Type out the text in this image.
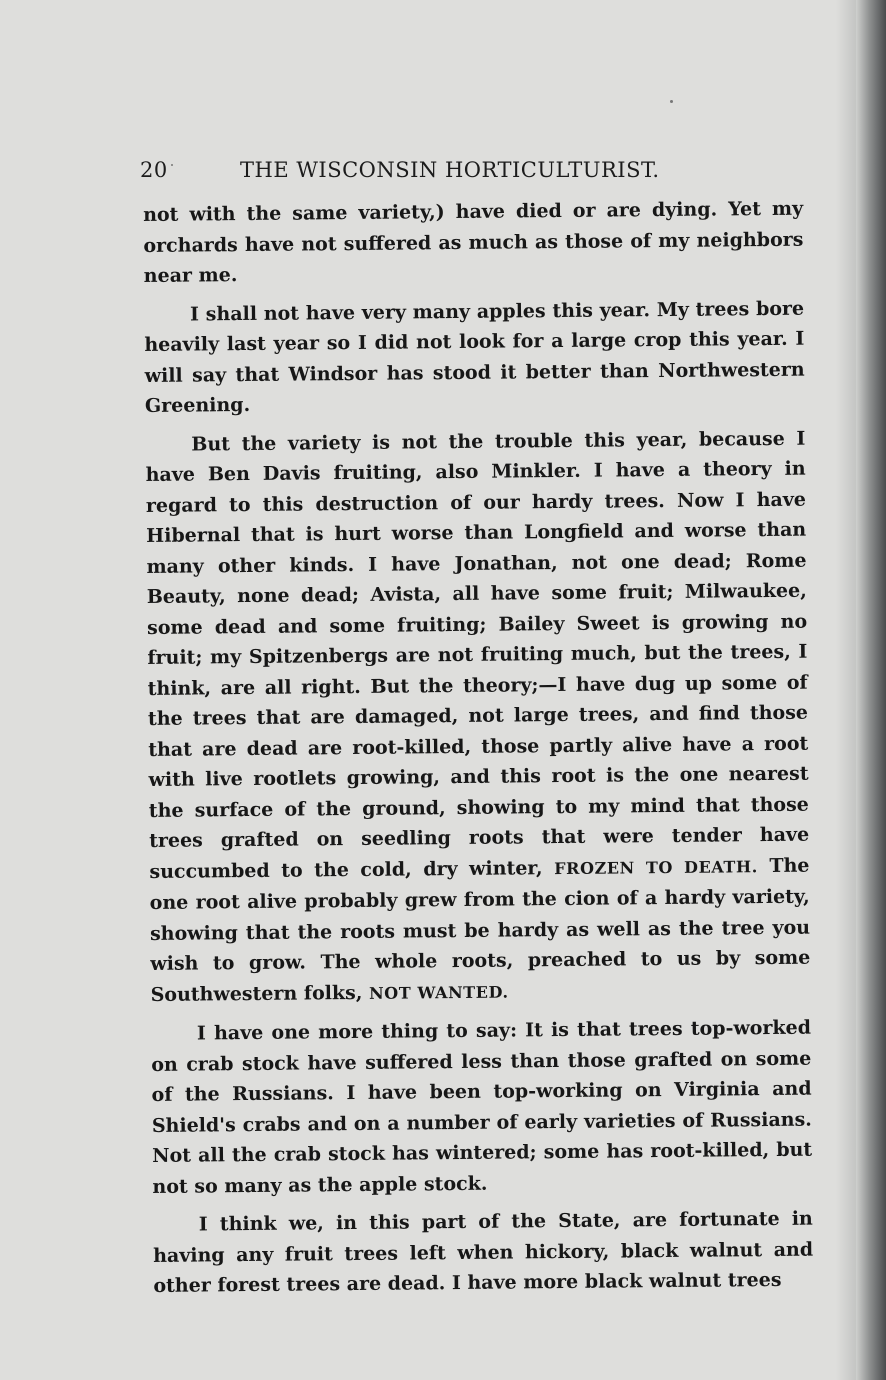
20	THE WISCONSIN HORTICULTURIST.

not with the same variety,) have died or are dying. Yet my orchards have not suffered as much as those of my neighbors near me.

I shall not have very many apples this year. My trees bore heavily last year so I did not look for a large crop this year. I will say that Windsor has stood it better than Northwestern Greening.

But the variety is not the trouble this year, because I have Ben Davis fruiting, also Minkler. I have a theory in regard to this destruction of our hardy trees. Now I have Hibernal that is hurt worse than Longfield and worse than many other kinds. I have Jonathan, not one dead; Rome Beauty, none dead; Avista, all have some fruit; Milwaukee, some dead and some fruiting; Bailey Sweet is growing no fruit; my Spitzenbergs are not fruiting much, but the trees, I think, are all right. But the theory;—I have dug up some of the trees that are damaged, not large trees, and find those that are dead are root-killed, those partly alive have a root with live rootlets growing, and this root is the one nearest the surface of the ground, showing to my mind that those trees grafted on seedling roots that were tender have succumbed to the cold, dry winter, FROZEN TO DEATH. The one root alive probably grew from the cion of a hardy variety, showing that the roots must be hardy as well as the tree you wish to grow. The whole roots, preached to us by some Southwestern folks, NOT WANTED.

I have one more thing to say: It is that trees top-worked on crab stock have suffered less than those grafted on some of the Russians. I have been top-working on Virginia and Shield's crabs and on a number of early varieties of Russians. Not all the crab stock has wintered; some has root-killed, but not so many as the apple stock.

I think we, in this part of the State, are fortunate in having any fruit trees left when hickory, black walnut and other forest trees are dead. I have more black walnut trees
